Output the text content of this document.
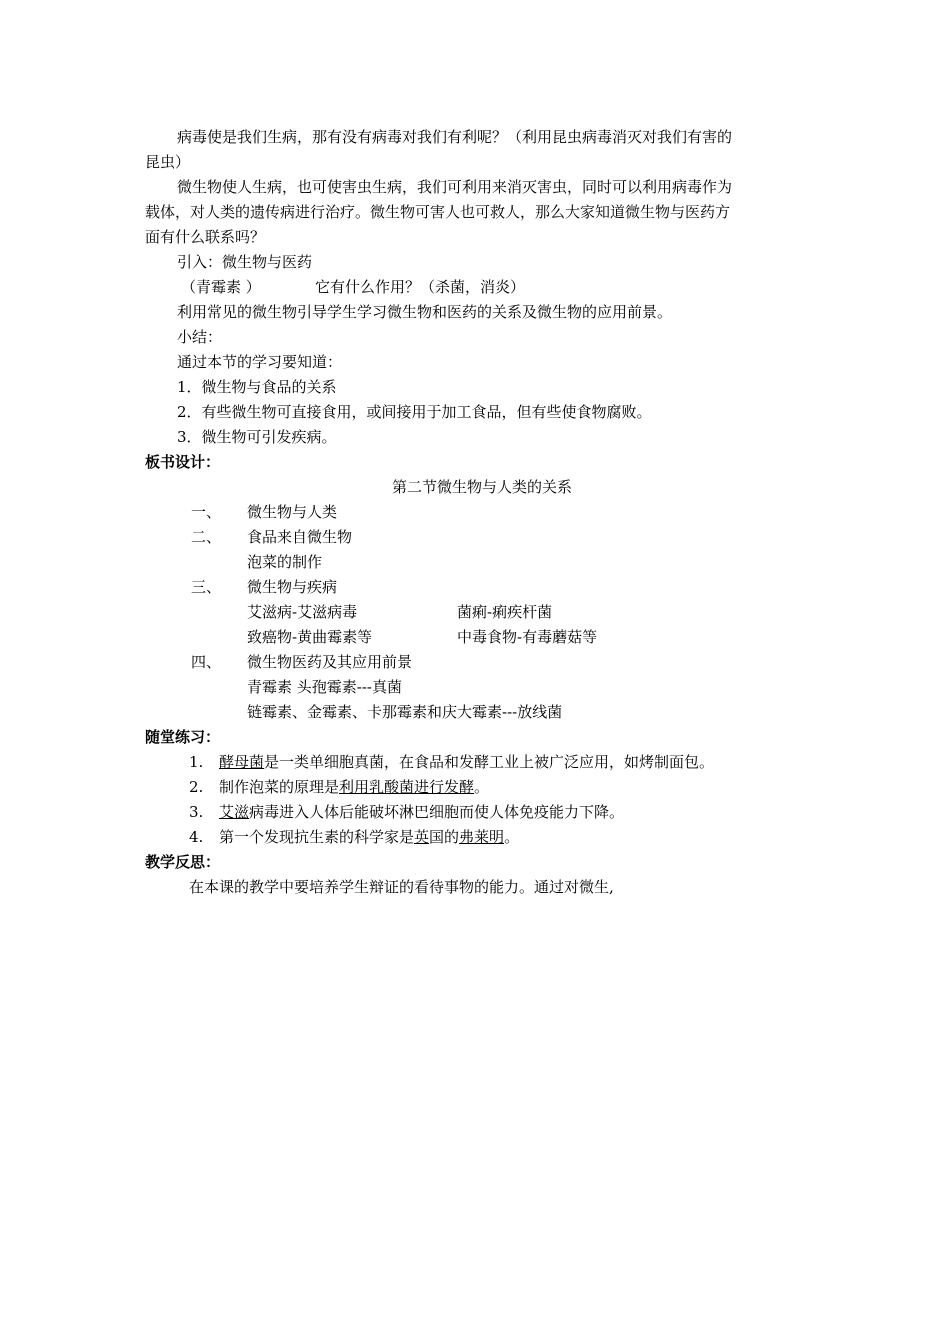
病毒使是我们生病，那有没有病毒对我们有利呢？（利用昆虫病毒消灭对我们有害的
昆虫）
微生物使人生病，也可使害虫生病，我们可利用来消灭害虫，同时可以利用病毒作为
载体，对人类的遗传病进行治疗。微生物可害人也可救人，那么大家知道微生物与医药方
面有什么联系吗？
引入：微生物与医药
（青霉素 ）	它有什么作用？（杀菌，消炎）
利用常见的微生物引导学生学习微生物和医药的关系及微生物的应用前景。
小结：
通过本节的学习要知道：
1．微生物与食品的关系
2．有些微生物可直接食用，或间接用于加工食品，但有些使食物腐败。
3．微生物可引发疾病。
板书设计：
第二节微生物与人类的关系
一、 微生物与人类
二、 食品来自微生物
泡菜的制作
三、 微生物与疾病
艾滋病-艾滋病毒	菌痢-痢疾杆菌
致癌物-黄曲霉素等	中毒食物-有毒蘑菇等
四、 微生物医药及其应用前景
青霉素 头孢霉素---真菌
链霉素、金霉素、卡那霉素和庆大霉素---放线菌
随堂练习：
1. 酵母菌是一类单细胞真菌，在食品和发酵工业上被广泛应用，如烤制面包。
2. 制作泡菜的原理是利用乳酸菌进行发酵。
3. 艾滋病毒进入人体后能破坏淋巴细胞而使人体免疫能力下降。
4. 第一个发现抗生素的科学家是英国的弗莱明。
教学反思：
在本课的教学中要培养学生辩证的看待事物的能力。通过对微生,
